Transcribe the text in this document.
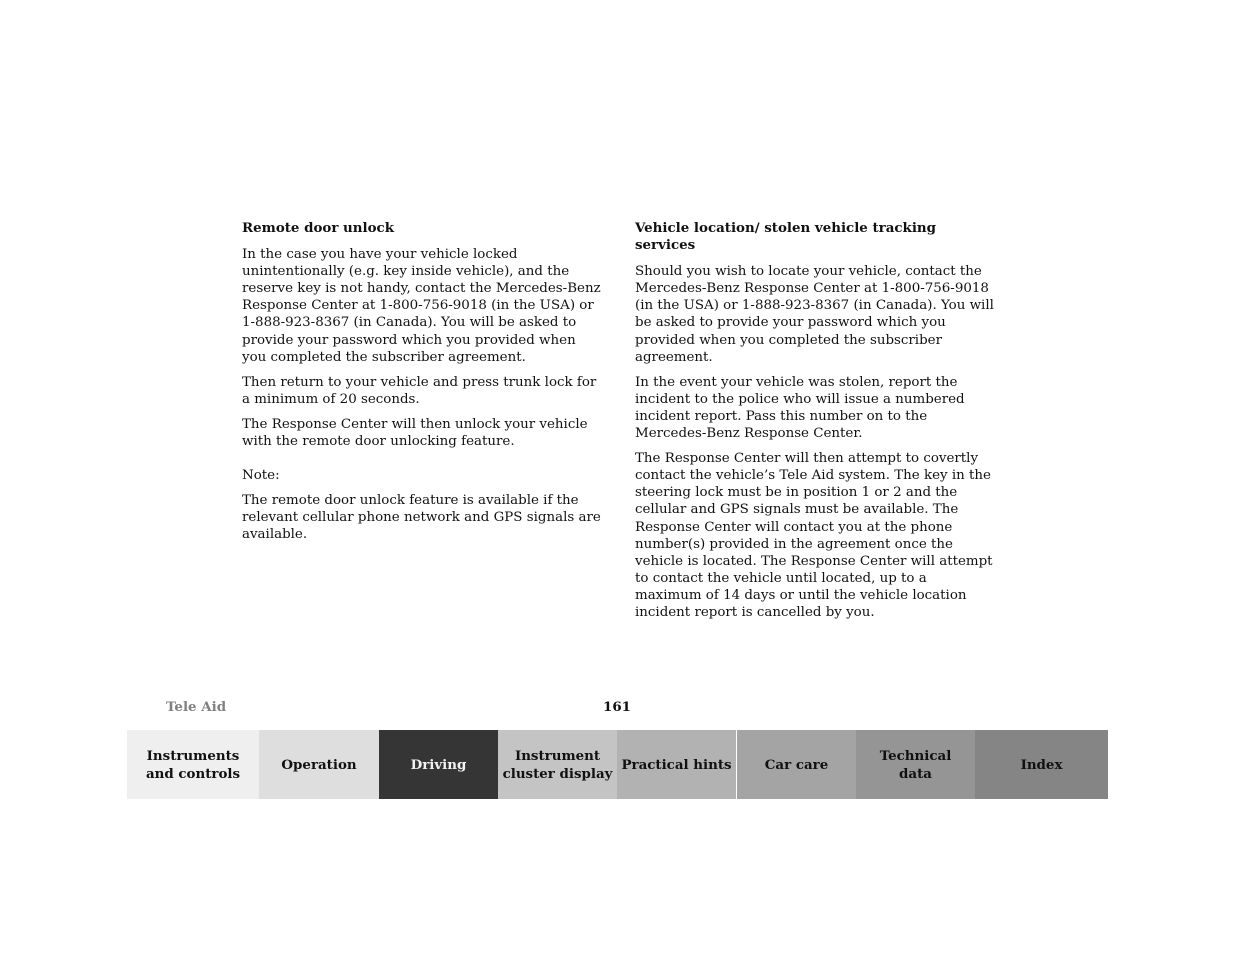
Remote door unlock
In the case you have your vehicle locked unintentionally (e.g. key inside vehicle), and the reserve key is not handy, contact the Mercedes-Benz Response Center at 1-800-756-9018 (in the USA) or 1-888-923-8367 (in Canada). You will be asked to provide your password which you provided when you completed the subscriber agreement.
Then return to your vehicle and press trunk lock for a minimum of 20 seconds.
The Response Center will then unlock your vehicle with the remote door unlocking feature.
Note:
The remote door unlock feature is available if the relevant cellular phone network and GPS signals are available.
Vehicle location/ stolen vehicle tracking services
Should you wish to locate your vehicle, contact the Mercedes-Benz Response Center at 1-800-756-9018 (in the USA) or 1-888-923-8367 (in Canada). You will be asked to provide your password which you provided when you completed the subscriber agreement.
In the event your vehicle was stolen, report the incident to the police who will issue a numbered incident report. Pass this number on to the Mercedes-Benz Response Center.
The Response Center will then attempt to covertly contact the vehicle’s Tele Aid system. The key in the steering lock must be in position 1 or 2 and the cellular and GPS signals must be available. The Response Center will contact you at the phone number(s) provided in the agreement once the vehicle is located. The Response Center will attempt to contact the vehicle until located, up to a maximum of 14 days or until the vehicle location incident report is cancelled by you.
Tele Aid	161
Instruments
and controls
Operation	Driving
Instrument
cluster display
Practical hints Car care
Technical
data
Index
